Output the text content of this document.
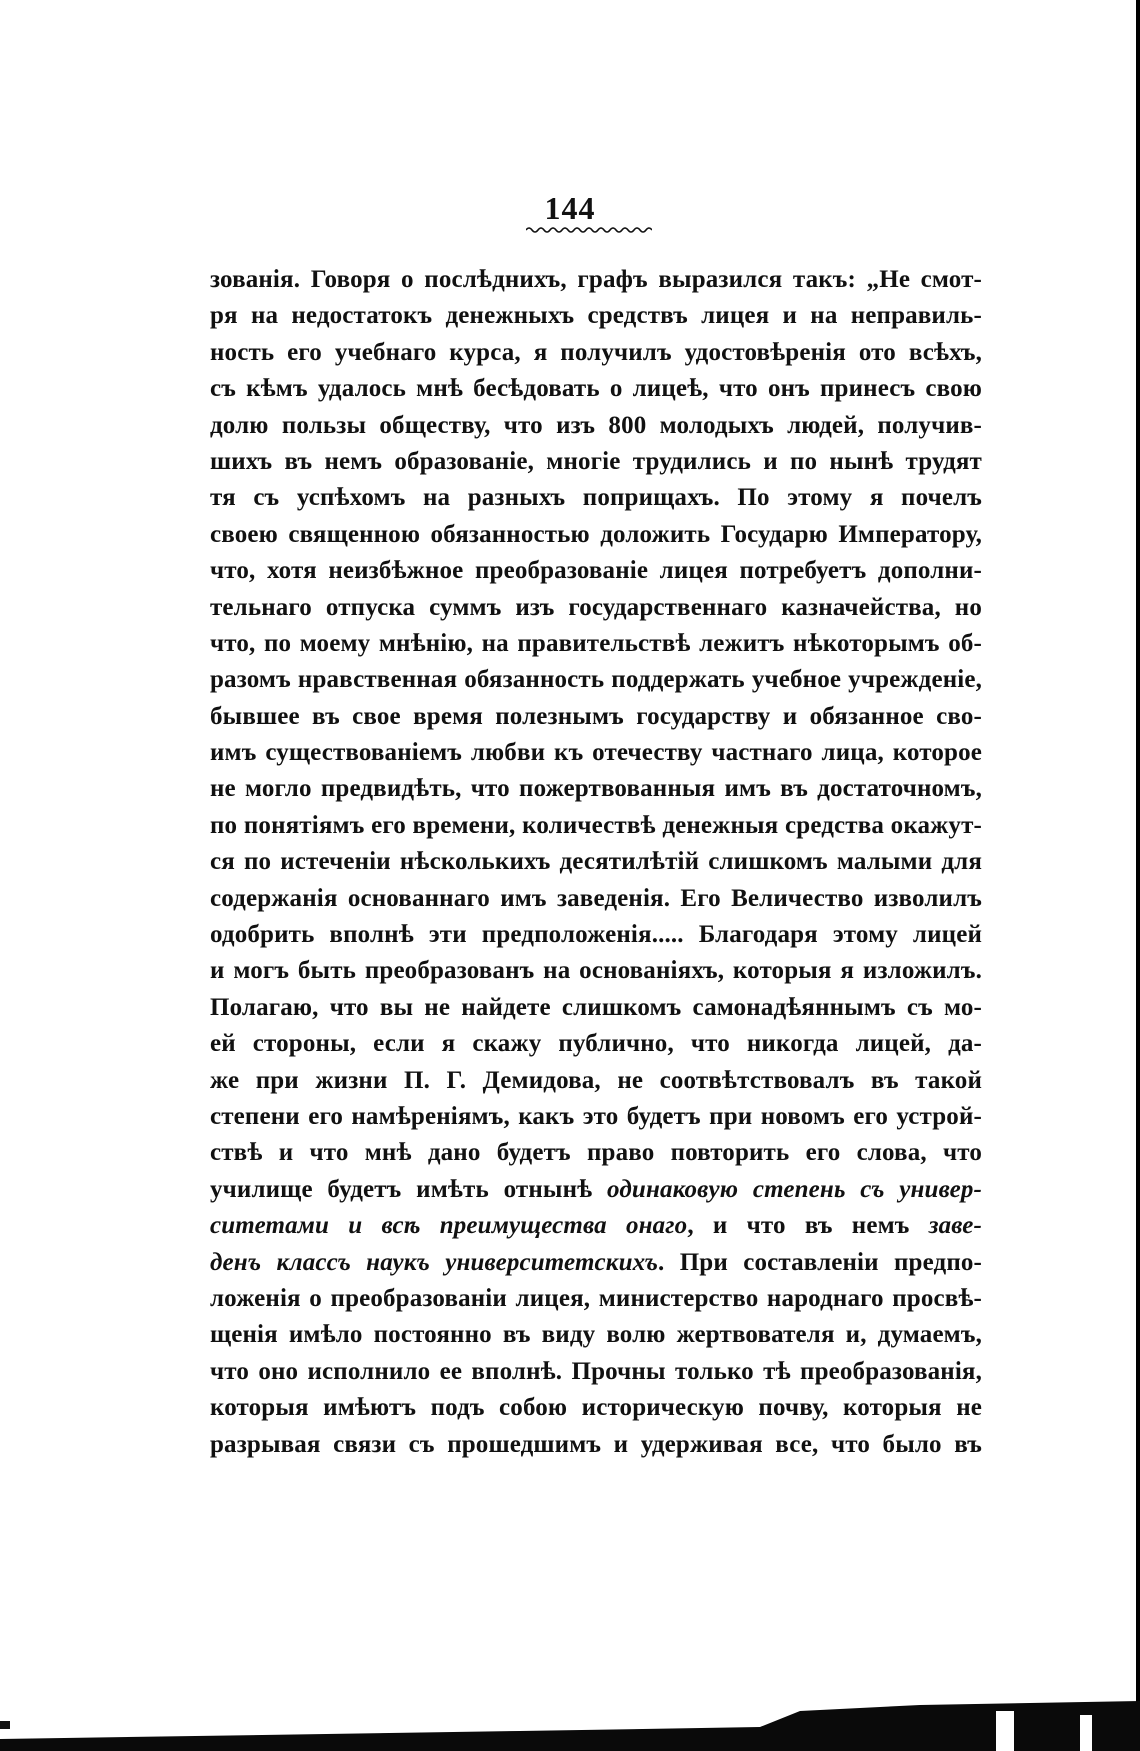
144
зованія. Говоря о послѣднихъ, графъ выразился такъ: „Не смот-
ря на недостатокъ денежныхъ средствъ лицея и на неправиль-
ность его учебнаго курса, я получилъ удостовѣренія ото всѣхъ,
съ кѣмъ удалось мнѣ бесѣдовать о лицеѣ, что онъ принесъ свою
долю пользы обществу, что изъ 800 молодыхъ людей, получив-
шихъ въ немъ образованіе, многіе трудились и по нынѣ трудят
тя съ успѣхомъ на разныхъ поприщахъ. По этому я почелъ
своею священною обязанностью доложить Государю Императору,
что, хотя неизбѣжное преобразованіе лицея потребуетъ дополни-
тельнаго отпуска суммъ изъ государственнаго казначейства, но
что, по моему мнѣнію, на правительствѣ лежитъ нѣкоторымъ об-
разомъ нравственная обязанность поддержать учебное учрежденіе,
бывшее въ свое время полезнымъ государству и обязанное сво-
имъ существованіемъ любви къ отечеству частнаго лица, которое
не могло предвидѣть, что пожертвованныя имъ въ достаточномъ,
по понятіямъ его времени, количествѣ денежныя средства окажут-
ся по истеченіи нѣсколькихъ десятилѣтій слишкомъ малыми для
содержанія основаннаго имъ заведенія. Его Величество изволилъ
одобрить вполнѣ эти предположенія..... Благодаря этому лицей
и могъ быть преобразованъ на основаніяхъ, которыя я изложилъ.
Полагаю, что вы не найдете слишкомъ самонадѣяннымъ съ мо-
ей стороны, если я скажу публично, что никогда лицей, да-
же при жизни П. Г. Демидова, не соотвѣтствовалъ въ такой
степени его намѣреніямъ, какъ это будетъ при новомъ его устрой-
ствѣ и что мнѣ дано будетъ право повторить его слова, что
училище будетъ имѣть отнынѣ одинаковую степень съ универ-
ситетами и всѣ преимущества онаго, и что въ немъ заве-
денъ классъ наукъ университетскихъ. При составленіи предпо-
ложенія о преобразованіи лицея, министерство народнаго просвѣ-
щенія имѣло постоянно въ виду волю жертвователя и, думаемъ,
что оно исполнило ее вполнѣ. Прочны только тѣ преобразованія,
которыя имѣютъ подъ собою историческую почву, которыя не
разрывая связи съ прошедшимъ и удерживая все, что было въ
